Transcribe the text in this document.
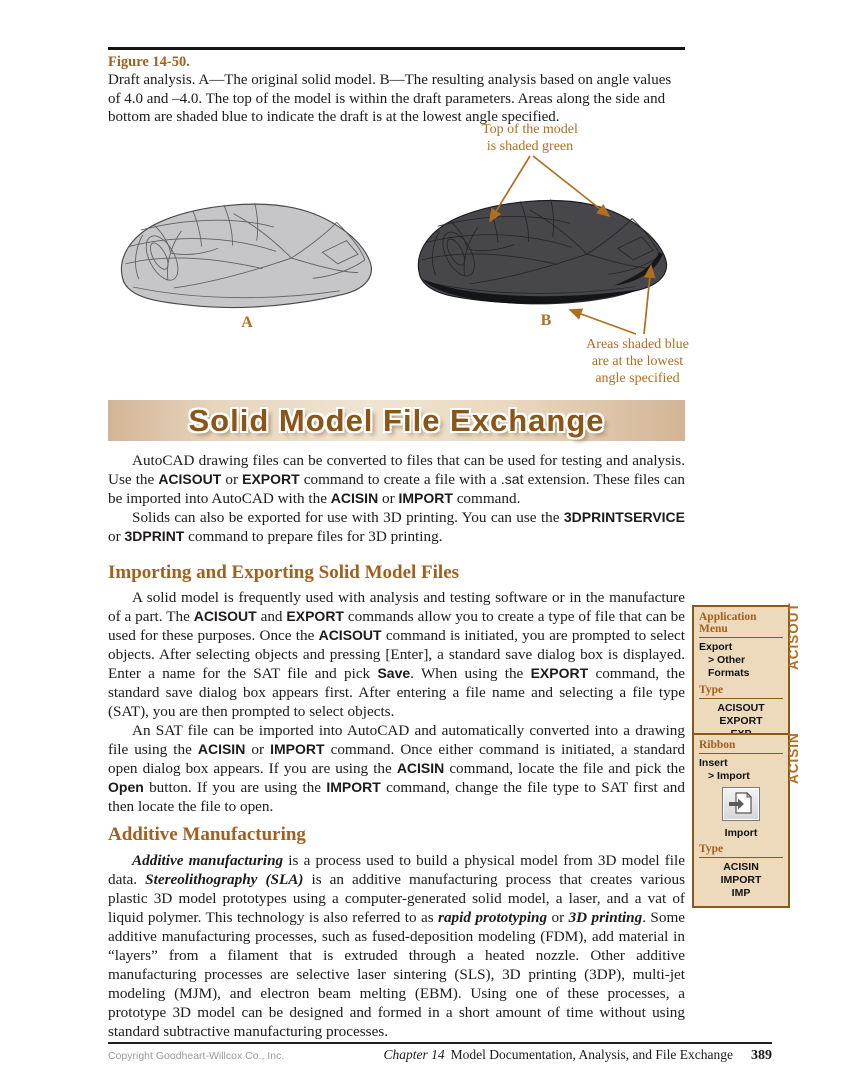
Figure 14-50.
Draft analysis. A—The original solid model. B—The resulting analysis based on angle values of 4.0 and –4.0. The top of the model is within the draft parameters. Areas along the side and bottom are shaded blue to indicate the draft is at the lowest angle specified.
Top of the model
is shaded green
A	B
Areas shaded blue
are at the lowest
angle specified
Solid Model File Exchange

AutoCAD drawing files can be converted to files that can be used for testing and analysis. Use the ACISOUT or EXPORT command to create a file with a .sat extension. These files can be imported into AutoCAD with the ACISIN or IMPORT command.

Solids can also be exported for use with 3D printing. You can use the 3DPRINTSERVICE or 3DPRINT command to prepare files for 3D printing.

Importing and Exporting Solid Model Files

A solid model is frequently used with analysis and testing software or in the manufacture of a part. The ACISOUT and EXPORT commands allow you to create a type of file that can be used for these purposes. Once the ACISOUT command is initiated, you are prompted to select objects. After selecting objects and pressing [Enter], a standard save dialog box is displayed. Enter a name for the SAT file and pick Save. When using the EXPORT command, the standard save dialog box appears first. After entering a file name and selecting a file type (SAT), you are then prompted to select objects.

An SAT file can be imported into AutoCAD and automatically converted into a drawing file using the ACISIN or IMPORT command. Once either command is initiated, a standard open dialog box appears. If you are using the ACISIN command, locate the file and pick the Open button. If you are using the IMPORT command, change the file type to SAT first and then locate the file to open.

Additive Manufacturing

Additive manufacturing is a process used to build a physical model from 3D model file data. Stereolithography (SLA) is an additive manufacturing process that creates various plastic 3D model prototypes using a computer-generated solid model, a laser, and a vat of liquid polymer. This technology is also referred to as rapid prototyping or 3D printing. Some additive manufacturing processes, such as fused-deposition modeling (FDM), add material in “layers” from a filament that is extruded through a heated nozzle. Other additive manufacturing processes are selective laser sintering (SLS), 3D printing (3DP), multi-jet modeling (MJM), and electron beam melting (EBM). Using one of these processes, a prototype 3D model can be designed and formed in a short amount of time without using standard subtractive manufacturing processes.

Application Menu
Export
> Other Formats
Type
ACISOUT
EXPORT
ACISOUT
Ribbon
Insert
> Import
Import
Type
ACISIN
IMPORT
IMP
ACISIN
Copyright Goodheart-Willcox Co., Inc.	Chapter 14 Model Documentation, Analysis, and File Exchange 389
